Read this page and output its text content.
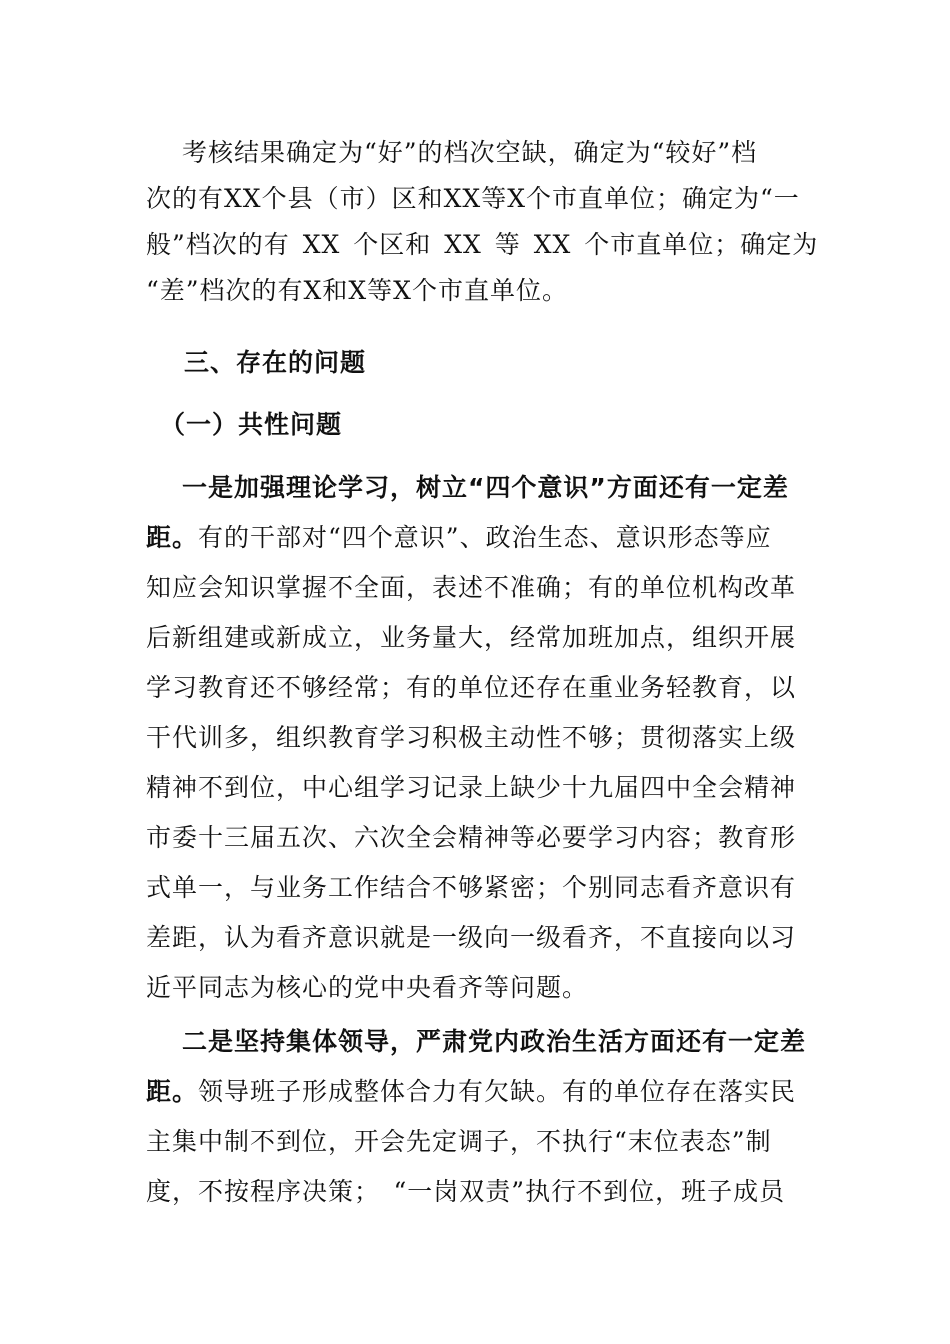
考核结果确定为“好”的档次空缺，确定为“较好”档
次的有XX个县（市）区和XX等X个市直单位；确定为“一
般”档次的有 XX 个区和 XX 等 XX 个市直单位；确定为
“差”档次的有X和X等X个市直单位。
三、存在的问题
（一）共性问题
一是加强理论学习，树立“四个意识”方面还有一定差
距。有的干部对“四个意识”、政治生态、意识形态等应
知应会知识掌握不全面，表述不准确；有的单位机构改革
后新组建或新成立，业务量大，经常加班加点，组织开展
学习教育还不够经常；有的单位还存在重业务轻教育，以
干代训多，组织教育学习积极主动性不够；贯彻落实上级
精神不到位，中心组学习记录上缺少十九届四中全会精神
市委十三届五次、六次全会精神等必要学习内容；教育形
式单一，与业务工作结合不够紧密；个别同志看齐意识有
差距，认为看齐意识就是一级向一级看齐，不直接向以习
近平同志为核心的党中央看齐等问题。
二是坚持集体领导，严肃党内政治生活方面还有一定差
距。领导班子形成整体合力有欠缺。有的单位存在落实民
主集中制不到位，开会先定调子，不执行“末位表态”制
度，不按程序决策；　“一岗双责”执行不到位，班子成员
